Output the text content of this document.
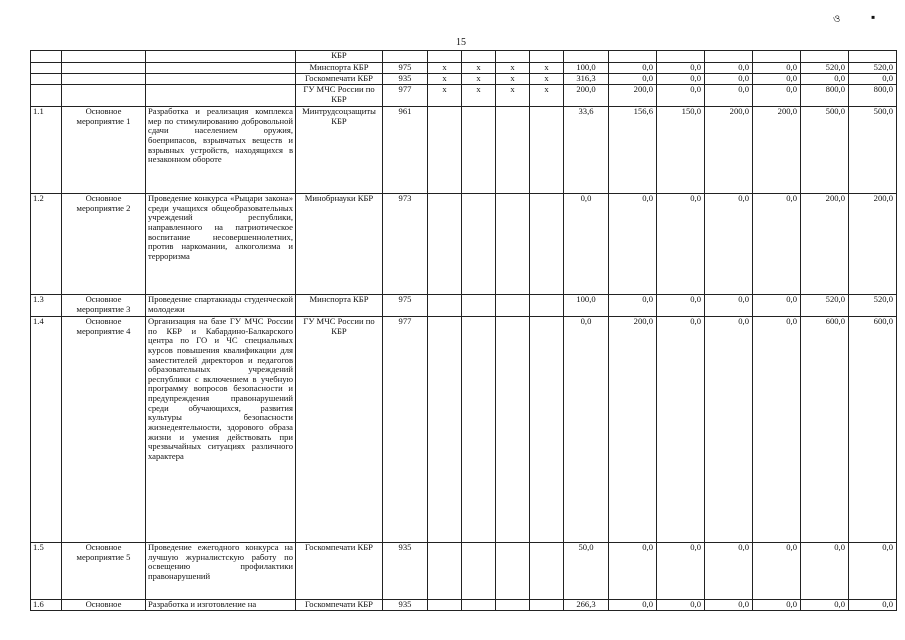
15
ও	▪
			КБР												
			Минспорта КБР	975	х	х	х	х	100,0	0,0	0,0	0,0	0,0	520,0	520,0
			Госкомпечати КБР	935	х	х	х	х	316,3	0,0	0,0	0,0	0,0	0,0	0,0
			ГУ МЧС России по КБР	977	х	х	х	х	200,0	200,0	0,0	0,0	0,0	800,0	800,0
1.1	Основное мероприятие 1	Разработка и реализация комплекса мер по стимулированию добровольной сдачи населением оружия, боеприпасов, взрывчатых веществ и взрывных устройств, находящихся в незаконном обороте	Минтрудсоцзащиты КБР	961					33,6	156,6	150,0	200,0	200,0	500,0	500,0
1.2	Основное мероприятие 2	Проведение конкурса «Рыцари закона» среди учащихся общеобразовательных учреждений республики, направленного на патриотическое воспитание несовершеннолетних, против наркомании, алкоголизма и терроризма	Минобрнауки КБР	973					0,0	0,0	0,0	0,0	0,0	200,0	200,0
1.3	Основное мероприятие 3	Проведение спартакиады студенческой молодежи	Минспорта КБР	975					100,0	0,0	0,0	0,0	0,0	520,0	520,0
1.4	Основное мероприятие 4	Организация на базе ГУ МЧС России по КБР и Кабардино-Балкарского центра по ГО и ЧС специальных курсов повышения квалификации для заместителей директоров и педагогов образовательных учреждений республики с включением в учебную программу вопросов безопасности и предупреждения правонарушений среди обучающихся, развития культуры безопасности жизнедеятельности, здорового образа жизни и умения действовать при чрезвычайных ситуациях различного характера	ГУ МЧС России по КБР	977					0,0	200,0	0,0	0,0	0,0	600,0	600,0
1.5	Основное мероприятие 5	Проведение ежегодного конкурса на лучшую журналистскую работу по освещению профилактики правонарушений	Госкомпечати КБР	935					50,0	0,0	0,0	0,0	0,0	0,0	0,0
1.6	Основное	Разработка и изготовление на	Госкомпечати КБР	935					266,3	0,0	0,0	0,0	0,0	0,0	0,0
